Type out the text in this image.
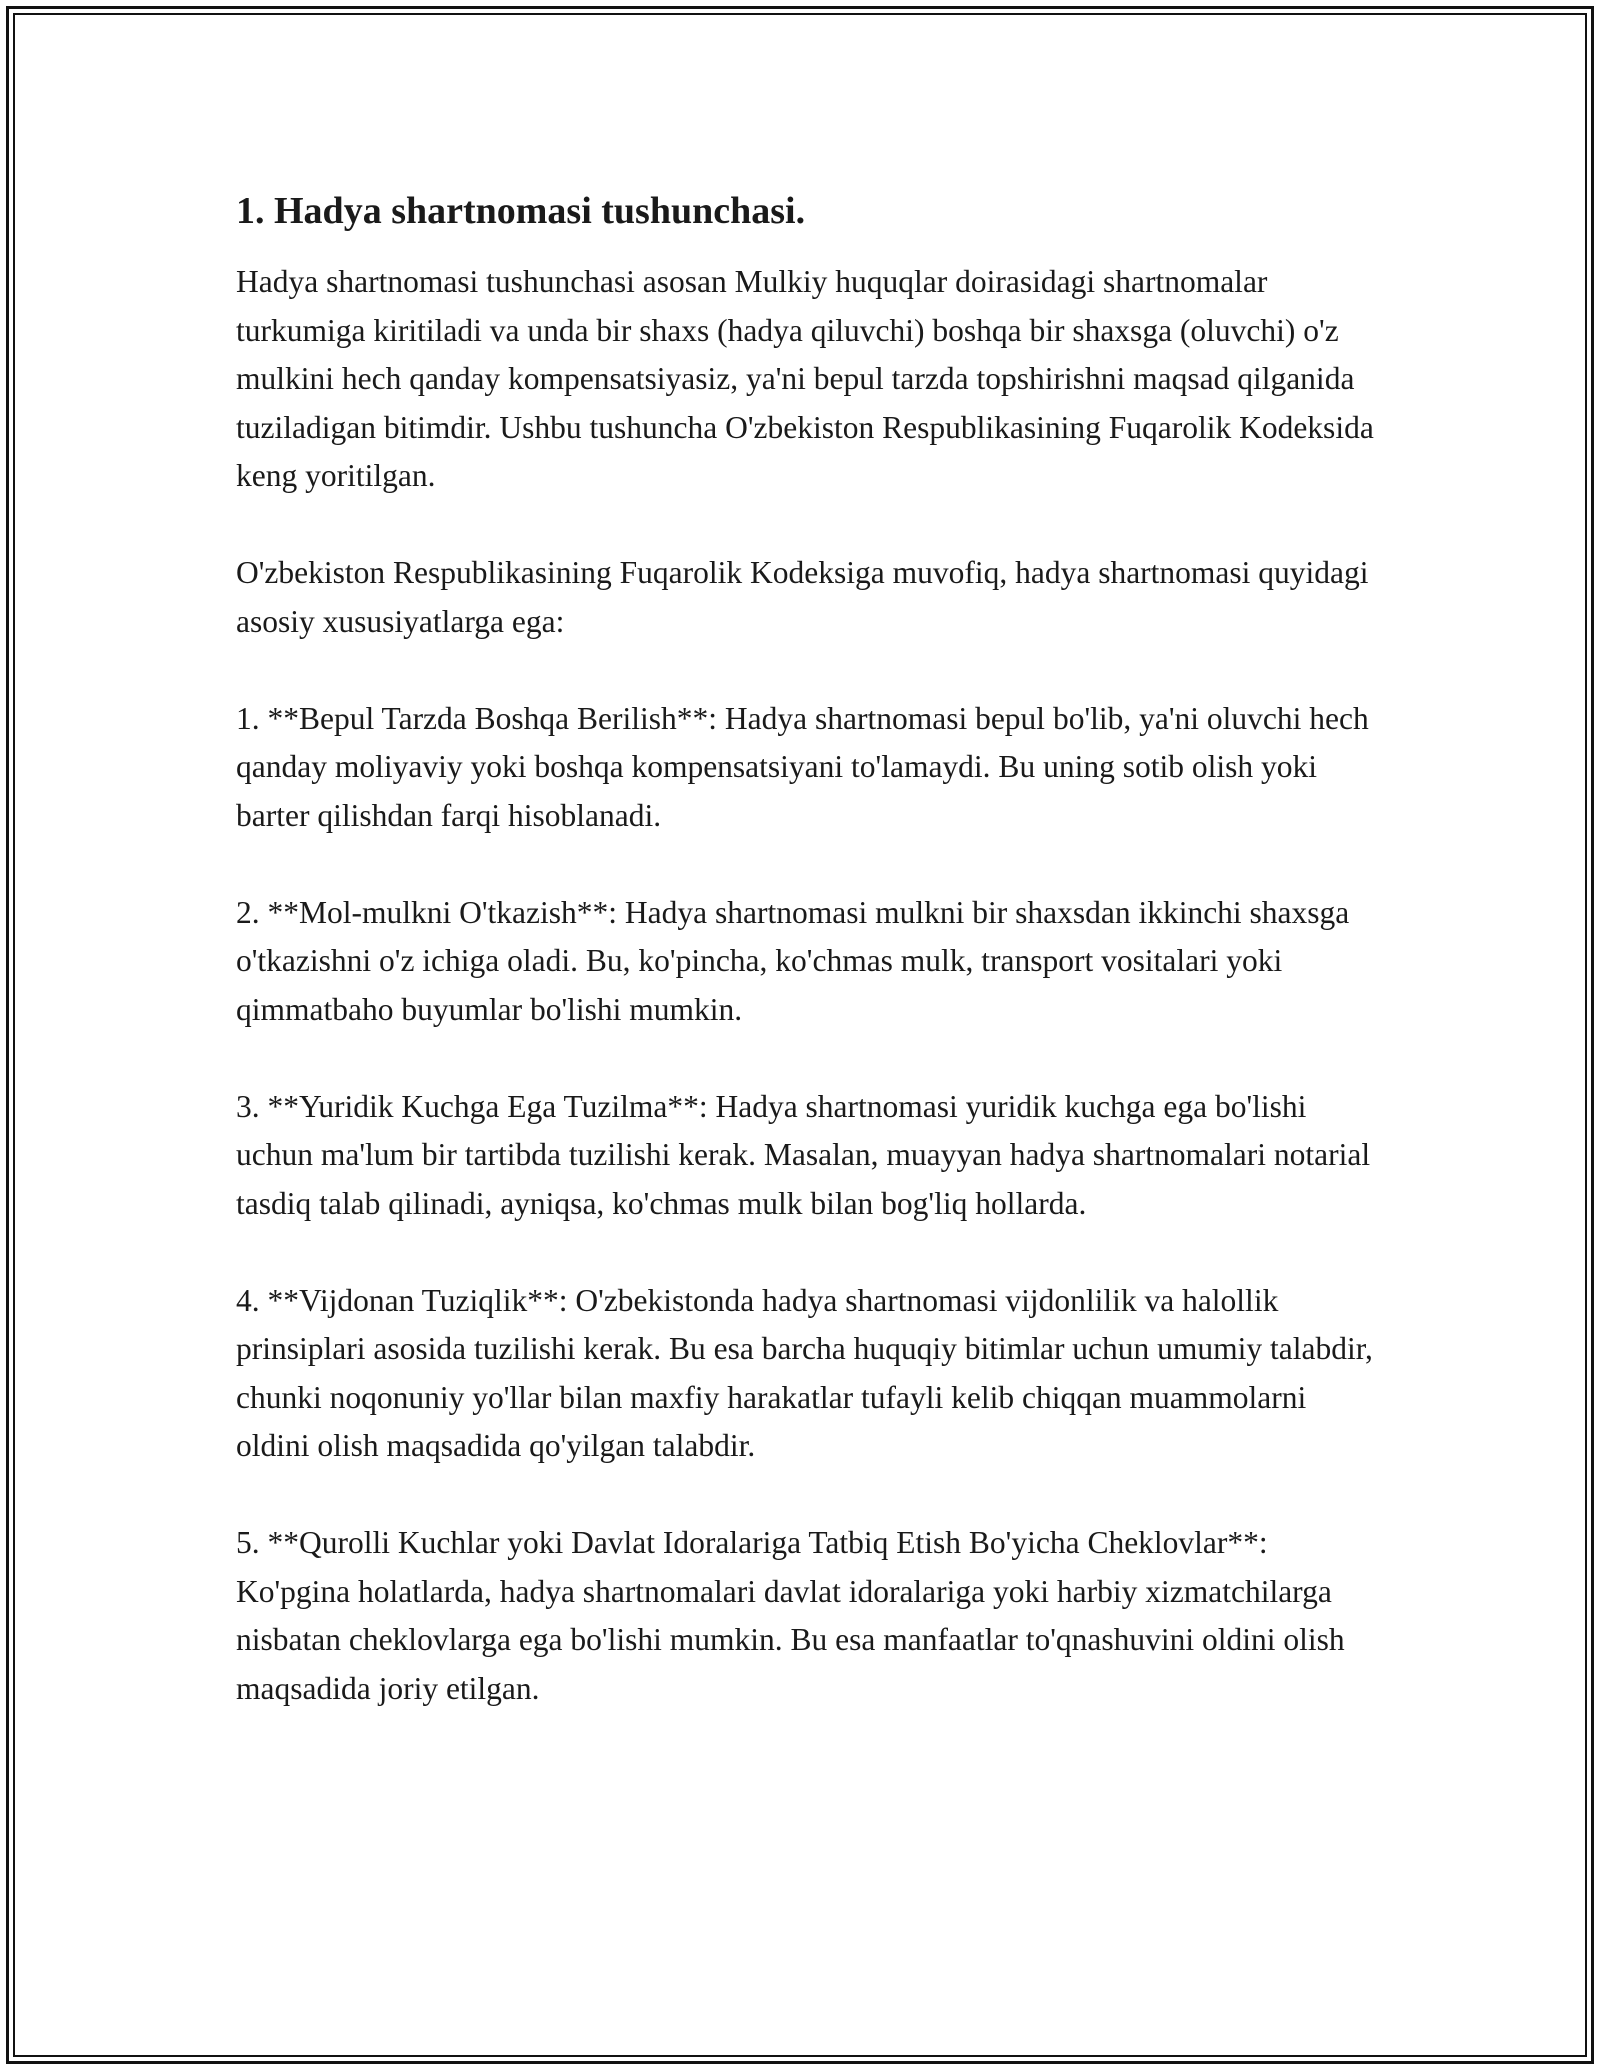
1. Hadya shartnomasi tushunchasi.

Hadya shartnomasi tushunchasi asosan Mulkiy huquqlar doirasidagi shartnomalar turkumiga kiritiladi va unda bir shaxs (hadya qiluvchi) boshqa bir shaxsga (oluvchi) o'z mulkini hech qanday kompensatsiyasiz, ya'ni bepul tarzda topshirishni maqsad qilganida tuziladigan bitimdir. Ushbu tushuncha O'zbekiston Respublikasining Fuqarolik Kodeksida keng yoritilgan.

O'zbekiston Respublikasining Fuqarolik Kodeksiga muvofiq, hadya shartnomasi quyidagi asosiy xususiyatlarga ega:

1. **Bepul Tarzda Boshqa Berilish**: Hadya shartnomasi bepul bo'lib, ya'ni oluvchi hech qanday moliyaviy yoki boshqa kompensatsiyani to'lamaydi. Bu uning sotib olish yoki barter qilishdan farqi hisoblanadi.

2. **Mol-mulkni O'tkazish**: Hadya shartnomasi mulkni bir shaxsdan ikkinchi shaxsga o'tkazishni o'z ichiga oladi. Bu, ko'pincha, ko'chmas mulk, transport vositalari yoki qimmatbaho buyumlar bo'lishi mumkin.

3. **Yuridik Kuchga Ega Tuzilma**: Hadya shartnomasi yuridik kuchga ega bo'lishi uchun ma'lum bir tartibda tuzilishi kerak. Masalan, muayyan hadya shartnomalari notarial tasdiq talab qilinadi, ayniqsa, ko'chmas mulk bilan bog'liq hollarda.

4. **Vijdonan Tuziqlik**: O'zbekistonda hadya shartnomasi vijdonlilik va halollik prinsiplari asosida tuzilishi kerak. Bu esa barcha huquqiy bitimlar uchun umumiy talabdir, chunki noqonuniy yo'llar bilan maxfiy harakatlar tufayli kelib chiqqan muammolarni oldini olish maqsadida qo'yilgan talabdir.

5. **Qurolli Kuchlar yoki Davlat Idoralariga Tatbiq Etish Bo'yicha Cheklovlar**: Ko'pgina holatlarda, hadya shartnomalari davlat idoralariga yoki harbiy xizmatchilarga nisbatan cheklovlarga ega bo'lishi mumkin. Bu esa manfaatlar to'qnashuvini oldini olish maqsadida joriy etilgan.
